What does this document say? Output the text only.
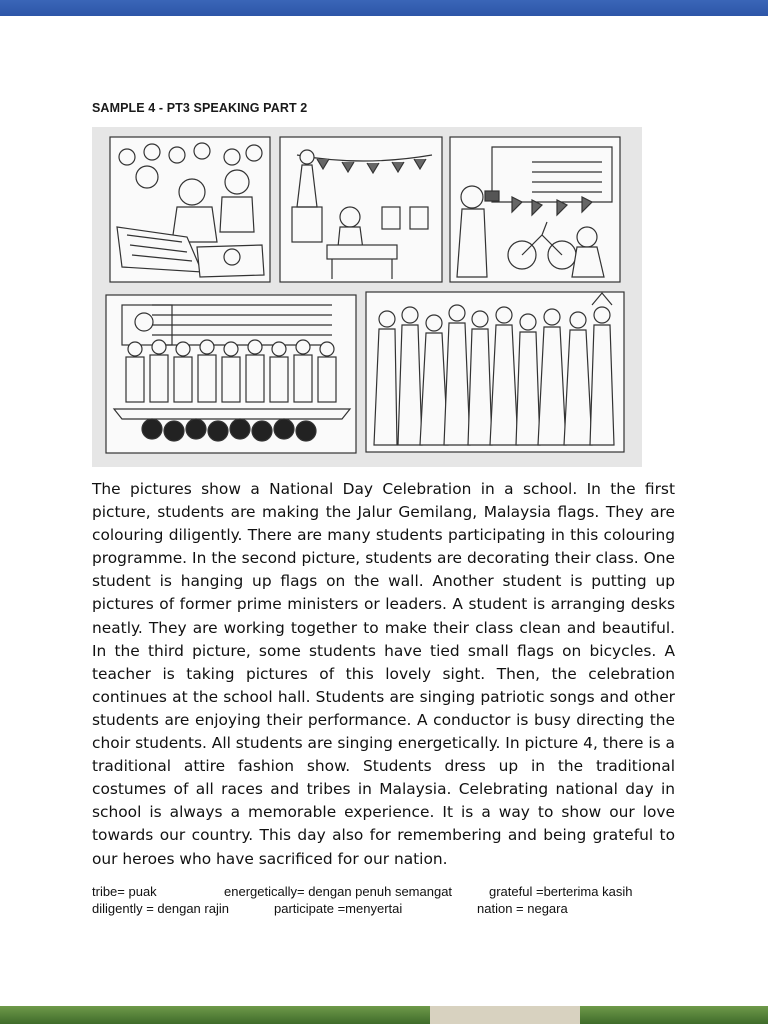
SAMPLE 4 - PT3 SPEAKING PART 2

The pictures show a National Day Celebration in a school. In the first picture, students are making the Jalur Gemilang, Malaysia flags. They are colouring diligently. There are many students participating in this colouring programme. In the second picture, students are decorating their class. One student is hanging up flags on the wall. Another student is putting up pictures of former prime ministers or leaders. A student is arranging desks neatly. They are working together to make their class clean and beautiful. In the third picture, some students have tied small flags on bicycles. A teacher is taking pictures of this lovely sight. Then, the celebration continues at the school hall. Students are singing patriotic songs and other students are enjoying their performance. A conductor is busy directing the choir students. All students are singing energetically. In picture 4, there is a traditional attire fashion show. Students dress up in the traditional costumes of all races and tribes in Malaysia. Celebrating national day in school is always a memorable experience. It is a way to show our love towards our country. This day also for remembering and being grateful to our heroes who have sacrificed for our nation.

tribe= puak	energetically= dengan penuh semangat	grateful =berterima kasih
diligently = dengan rajin	participate =menyertai	nation = negara
